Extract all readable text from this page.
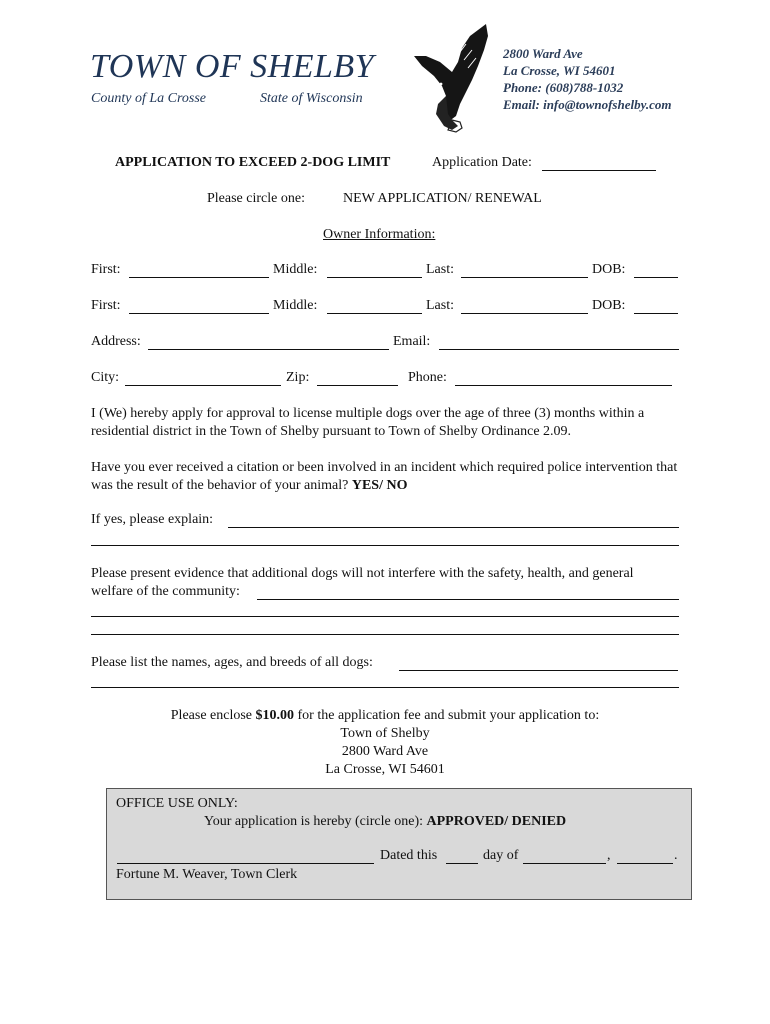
TOWN OF SHELBY
County of La Crosse	State of Wisconsin
2800 Ward Ave
La Crosse, WI 54601
Phone: (608)788-1032
Email: info@townofshelby.com
APPLICATION TO EXCEED 2-DOG LIMIT	Application Date:
Please circle one:	NEW APPLICATION/ RENEWAL
Owner Information:
First:	Middle:	Last:	DOB:
First:	Middle:	Last:	DOB:
Address:	Email:
City:	Zip:	Phone:
I (We) hereby apply for approval to license multiple dogs over the age of three (3) months within a residential district in the Town of Shelby pursuant to Town of Shelby Ordinance 2.09.
Have you ever received a citation or been involved in an incident which required police intervention that was the result of the behavior of your animal? YES/ NO
If yes, please explain:
Please present evidence that additional dogs will not interfere with the safety, health, and general
welfare of the community:
Please list the names, ages, and breeds of all dogs:
Please enclose $10.00 for the application fee and submit your application to:
Town of Shelby
2800 Ward Ave
La Crosse, WI 54601
OFFICE USE ONLY:
Your application is hereby (circle one): APPROVED/ DENIED
Dated this	day of	,	.
Fortune M. Weaver, Town Clerk
